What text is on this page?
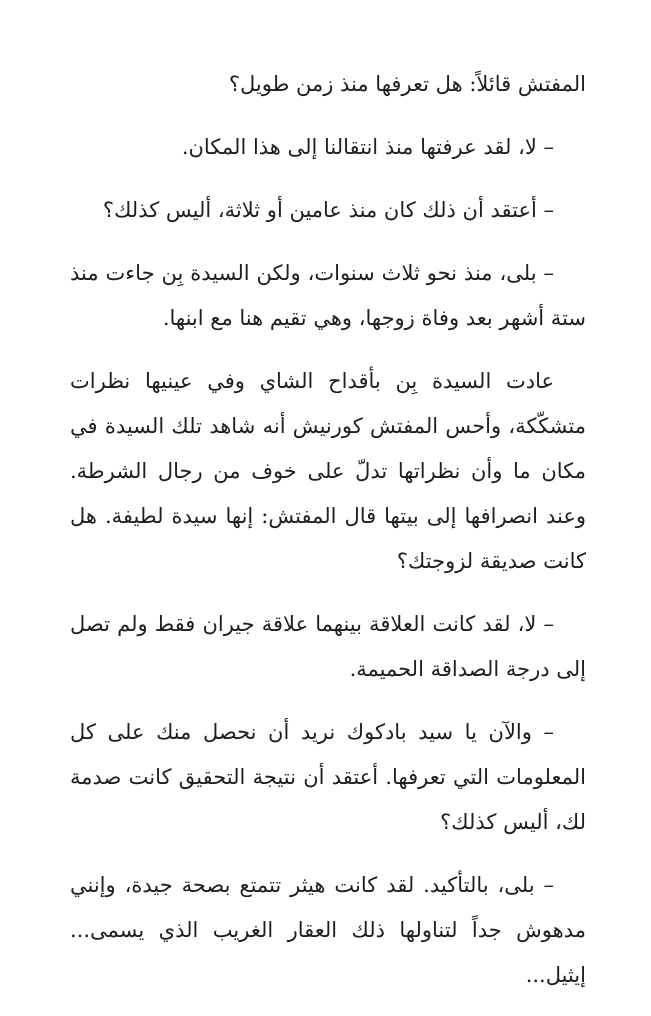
المفتش قائلاً: هل تعرفها منذ زمن طويل؟

– لا، لقد عرفتها منذ انتقالنا إلى هذا المكان.

– أعتقد أن ذلك كان منذ عامين أو ثلاثة، أليس كذلك؟

– بلى، منذ نحو ثلاث سنوات، ولكن السيدة بِن جاءت منذ ستة أشهر بعد وفاة زوجها، وهي تقيم هنا مع ابنها.

عادت السيدة بِن بأقداح الشاي وفي عينيها نظرات متشكّكة، وأحس المفتش كورنيش أنه شاهد تلك السيدة في مكان ما وأن نظراتها تدلّ على خوف من رجال الشرطة. وعند انصرافها إلى بيتها قال المفتش: إنها سيدة لطيفة. هل كانت صديقة لزوجتك؟

– لا، لقد كانت العلاقة بينهما علاقة جيران فقط ولم تصل إلى درجة الصداقة الحميمة.

– والآن يا سيد بادكوك نريد أن نحصل منك على كل المعلومات التي تعرفها. أعتقد أن نتيجة التحقيق كانت صدمة لك، أليس كذلك؟

– بلى، بالتأكيد. لقد كانت هيثر تتمتع بصحة جيدة، وإنني مدهوش جداً لتناولها ذلك العقار الغريب الذي يسمى... إيثيل...
